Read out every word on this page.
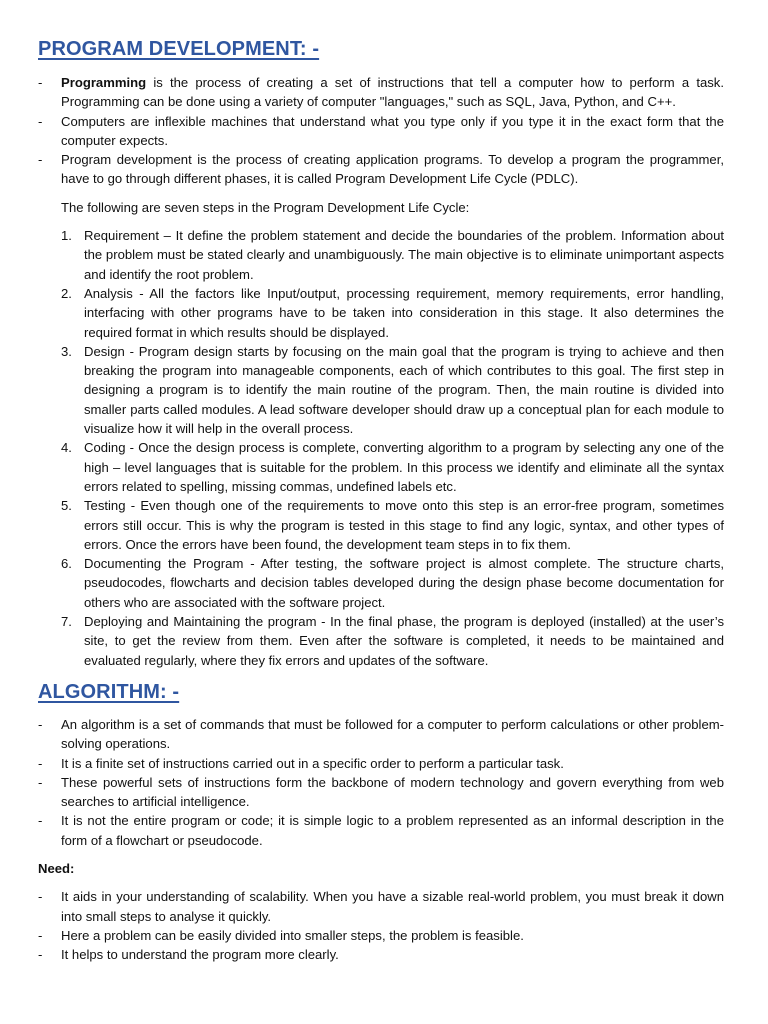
PROGRAM DEVELOPMENT: -
- Programming is the process of creating a set of instructions that tell a computer how to perform a task. Programming can be done using a variety of computer "languages," such as SQL, Java, Python, and C++.
- Computers are inflexible machines that understand what you type only if you type it in the exact form that the computer expects.
- Program development is the process of creating application programs. To develop a program the programmer, have to go through different phases, it is called Program Development Life Cycle (PDLC).

The following are seven steps in the Program Development Life Cycle:

1. Requirement – It define the problem statement and decide the boundaries of the problem. Information about the problem must be stated clearly and unambiguously. The main objective is to eliminate unimportant aspects and identify the root problem.
2. Analysis - All the factors like Input/output, processing requirement, memory requirements, error handling, interfacing with other programs have to be taken into consideration in this stage. It also determines the required format in which results should be displayed.
3. Design - Program design starts by focusing on the main goal that the program is trying to achieve and then breaking the program into manageable components, each of which contributes to this goal. The first step in designing a program is to identify the main routine of the program. Then, the main routine is divided into smaller parts called modules. A lead software developer should draw up a conceptual plan for each module to visualize how it will help in the overall process.
4. Coding - Once the design process is complete, converting algorithm to a program by selecting any one of the high – level languages that is suitable for the problem. In this process we identify and eliminate all the syntax errors related to spelling, missing commas, undefined labels etc.
5. Testing - Even though one of the requirements to move onto this step is an error-free program, sometimes errors still occur. This is why the program is tested in this stage to find any logic, syntax, and other types of errors. Once the errors have been found, the development team steps in to fix them.
6. Documenting the Program - After testing, the software project is almost complete. The structure charts, pseudocodes, flowcharts and decision tables developed during the design phase become documentation for others who are associated with the software project.
7. Deploying and Maintaining the program - In the final phase, the program is deployed (installed) at the user’s site, to get the review from them. Even after the software is completed, it needs to be maintained and evaluated regularly, where they fix errors and updates of the software.
ALGORITHM: -
- An algorithm is a set of commands that must be followed for a computer to perform calculations or other problem-solving operations.
- It is a finite set of instructions carried out in a specific order to perform a particular task.
- These powerful sets of instructions form the backbone of modern technology and govern everything from web searches to artificial intelligence.
- It is not the entire program or code; it is simple logic to a problem represented as an informal description in the form of a flowchart or pseudocode.

Need:

- It aids in your understanding of scalability. When you have a sizable real-world problem, you must break it down into small steps to analyse it quickly.
- Here a problem can be easily divided into smaller steps, the problem is feasible.
- It helps to understand the program more clearly.
